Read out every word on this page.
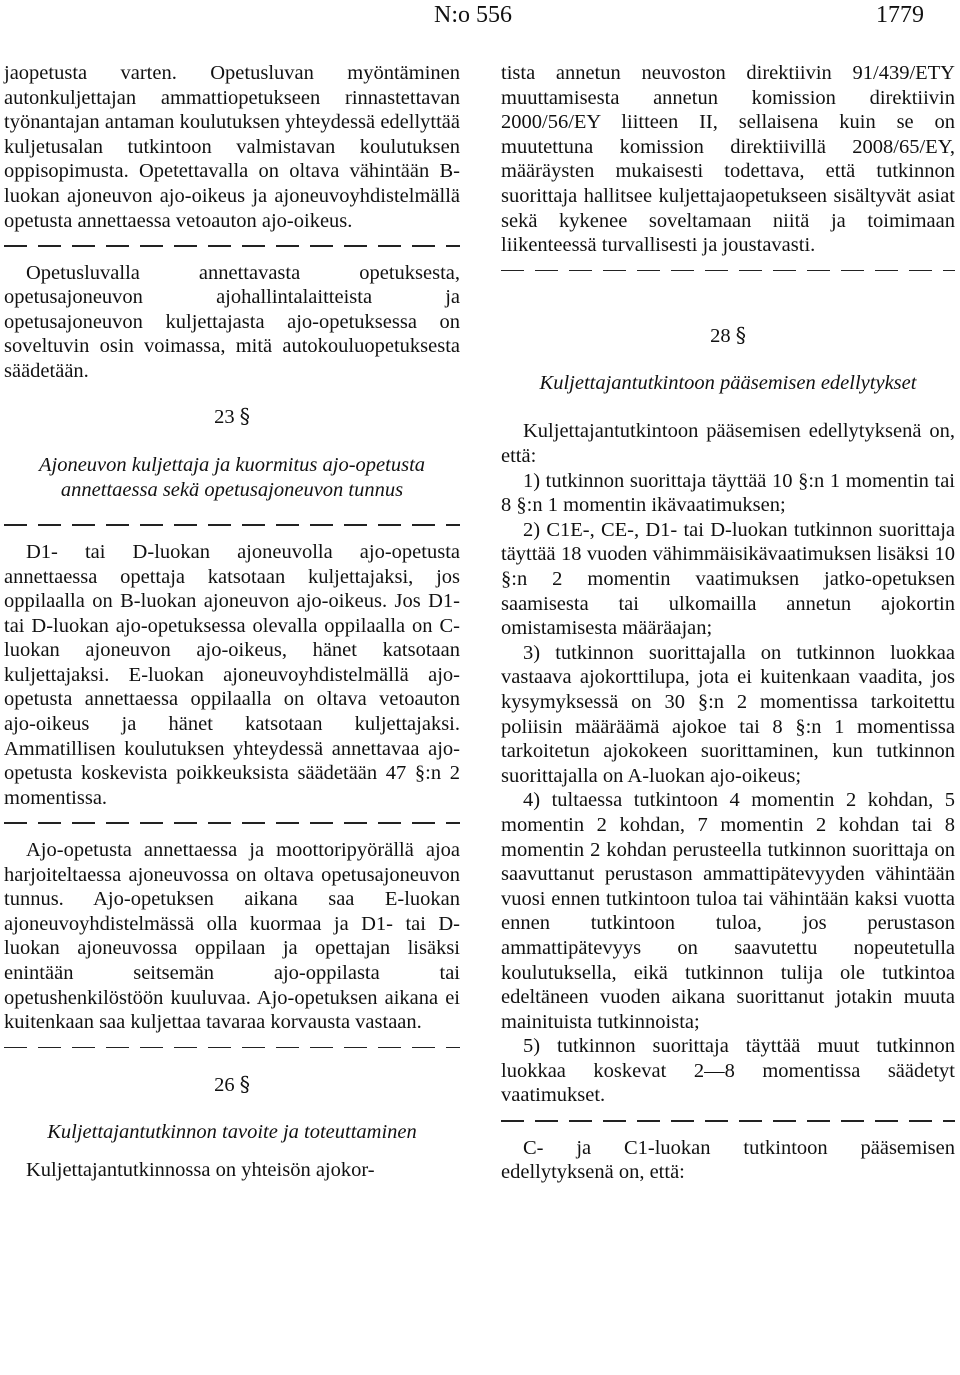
N:o 556	1779

jaopetusta varten. Opetusluvan myöntäminen autonkuljettajan ammattiopetukseen rinnastettavan työnantajan antaman koulutuksen yhteydessä edellyttää kuljetusalan tutkintoon valmistavan koulutuksen oppisopimusta. Opetettavalla on oltava vähintään B-luokan ajoneuvon ajo-oikeus ja ajoneuvoyhdistelmällä opetusta annettaessa vetoauton ajo-oikeus.

Opetusluvalla annettavasta opetuksesta, opetusajoneuvon ajohallintalaitteista ja opetusajoneuvon kuljettajasta ajo-opetuksessa on soveltuvin osin voimassa, mitä autokouluopetuksesta säädetään.

23 §

Ajoneuvon kuljettaja ja kuormitus ajo-opetusta annettaessa sekä opetusajoneuvon tunnus

D1- tai D-luokan ajoneuvolla ajo-opetusta annettaessa opettaja katsotaan kuljettajaksi, jos oppilaalla on B-luokan ajoneuvon ajo-oikeus. Jos D1- tai D-luokan ajo-opetuksessa olevalla oppilaalla on C-luokan ajoneuvon ajo-oikeus, hänet katsotaan kuljettajaksi. E-luokan ajoneuvoyhdistelmällä ajo-opetusta annettaessa oppilaalla on oltava vetoauton ajo-oikeus ja hänet katsotaan kuljettajaksi. Ammatillisen koulutuksen yhteydessä annettavaa ajo-opetusta koskevista poikkeuksista säädetään 47 §:n 2 momentissa.

Ajo-opetusta annettaessa ja moottoripyörällä ajoa harjoiteltaessa ajoneuvossa on oltava opetusajoneuvon tunnus. Ajo-opetuksen aikana saa E-luokan ajoneuvoyhdistelmässä olla kuormaa ja D1- tai D-luokan ajoneuvossa oppilaan ja opettajan lisäksi enintään seitsemän ajo-oppilasta tai opetushenkilöstöön kuuluvaa. Ajo-opetuksen aikana ei kuitenkaan saa kuljettaa tavaraa korvausta vastaan.

26 §

Kuljettajantutkinnon tavoite ja toteuttaminen

Kuljettajantutkinnossa on yhteisön ajokor-

tista annetun neuvoston direktiivin 91/439/ETY muuttamisesta annetun komission direktiivin 2000/56/EY liitteen II, sellaisena kuin se on muutettuna komission direktiivillä 2008/65/EY, määräysten mukaisesti todettava, että tutkinnon suorittaja hallitsee kuljettajaopetukseen sisältyvät asiat sekä kykenee soveltamaan niitä ja toimimaan liikenteessä turvallisesti ja joustavasti.

28 §

Kuljettajantutkintoon pääsemisen edellytykset

Kuljettajantutkintoon pääsemisen edellytyksenä on, että:

1) tutkinnon suorittaja täyttää 10 §:n 1 momentin tai 8 §:n 1 momentin ikävaatimuksen;

2) C1E-, CE-, D1- tai D-luokan tutkinnon suorittaja täyttää 18 vuoden vähimmäisikävaatimuksen lisäksi 10 §:n 2 momentin vaatimuksen jatko-opetuksen saamisesta tai ulkomailla annetun ajokortin omistamisesta määräajan;

3) tutkinnon suorittajalla on tutkinnon luokkaa vastaava ajokorttilupa, jota ei kuitenkaan vaadita, jos kysymyksessä on 30 §:n 2 momentissa tarkoitettu poliisin määräämä ajokoe tai 8 §:n 1 momentissa tarkoitetun ajokokeen suorittaminen, kun tutkinnon suorittajalla on A-luokan ajo-oikeus;

4) tultaessa tutkintoon 4 momentin 2 kohdan, 5 momentin 2 kohdan, 7 momentin 2 kohdan tai 8 momentin 2 kohdan perusteella tutkinnon suorittaja on saavuttanut perustason ammattipätevyyden vähintään vuosi ennen tutkintoon tuloa tai vähintään kaksi vuotta ennen tutkintoon tuloa, jos perustason ammattipätevyys on saavutettu nopeutetulla koulutuksella, eikä tutkinnon tulija ole tutkintoa edeltäneen vuoden aikana suorittanut jotakin muuta mainituista tutkinnoista;

5) tutkinnon suorittaja täyttää muut tutkinnon luokkaa koskevat 2—8 momentissa säädetyt vaatimukset.

C- ja C1-luokan tutkintoon pääsemisen edellytyksenä on, että:
